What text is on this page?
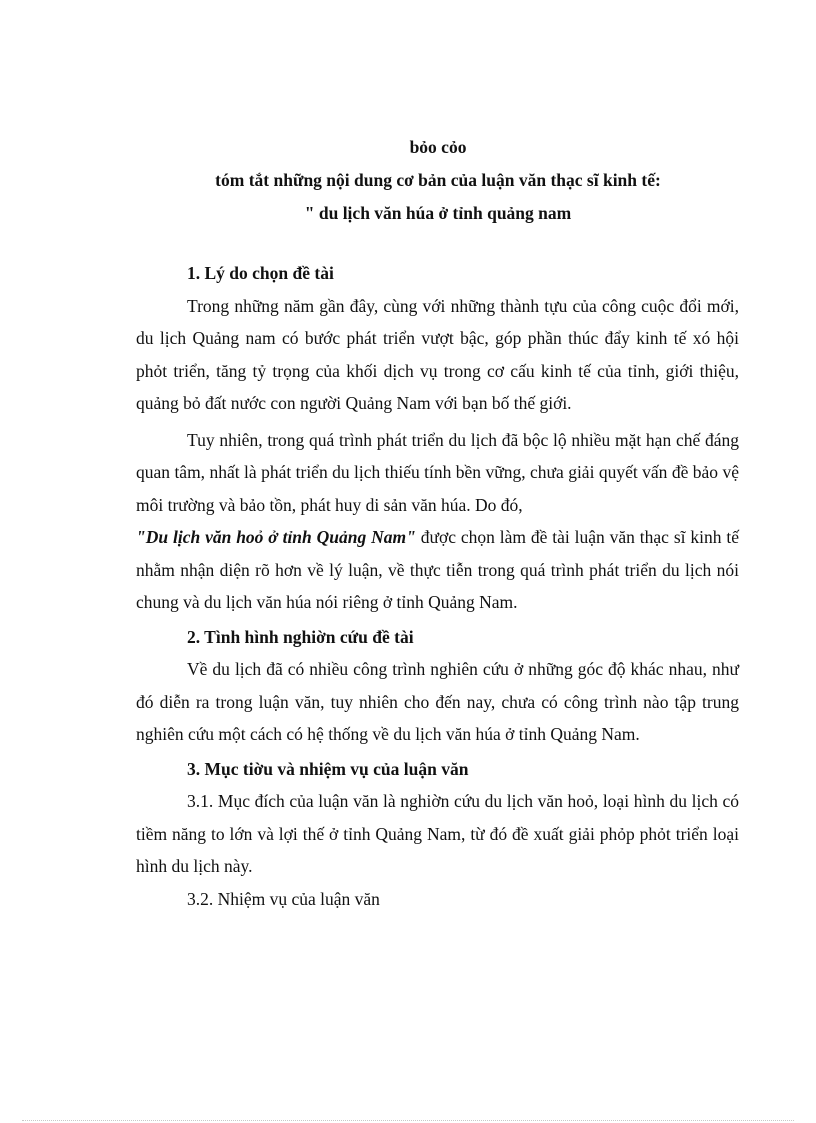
bỏo cỏo
tóm tắt những nội dung cơ bản của luận văn thạc sĩ kinh tế:
" du lịch văn húa ở tỉnh quảng nam
1. Lý do chọn đề tài

Trong những năm gần đây, cùng với những thành tựu của công cuộc đổi mới, du lịch Quảng nam có bước phát triển vượt bậc, góp phần thúc đẩy kinh tế xó hội phỏt triển, tăng tỷ trọng của khối dịch vụ trong cơ cấu kinh tế của tỉnh, giới thiệu, quảng bỏ đất nước con người Quảng Nam với bạn bố thế giới.

Tuy nhiên, trong quá trình phát triển du lịch đã bộc lộ nhiều mặt hạn chế đáng quan tâm, nhất là phát triển du lịch thiếu tính bền vững, chưa giải quyết vấn đề bảo vệ môi trường và bảo tồn, phát huy di sản văn húa. Do đó,
"Du lịch văn hoỏ ở tỉnh Quảng Nam" được chọn làm đề tài luận văn thạc sĩ kinh tế nhằm nhận diện rõ hơn về lý luận, về thực tiễn trong quá trình phát triển du lịch nói chung và du lịch văn húa nói riêng ở tỉnh Quảng Nam.

2. Tình hình nghiờn cứu đề tài

Về du lịch đã có nhiều công trình nghiên cứu ở những góc độ khác nhau, như đó diễn ra trong luận văn, tuy nhiên cho đến nay, chưa có công trình nào tập trung nghiên cứu một cách có hệ thống về du lịch văn húa ở tỉnh Quảng Nam.

3. Mục tiờu và nhiệm vụ của luận văn

3.1. Mục đích của luận văn là nghiờn cứu du lịch văn hoỏ, loại hình du lịch có tiềm năng to lớn và lợi thế ở tỉnh Quảng Nam, từ đó đề xuất giải phỏp phỏt triển loại hình du lịch này.

3.2. Nhiệm vụ của luận văn
